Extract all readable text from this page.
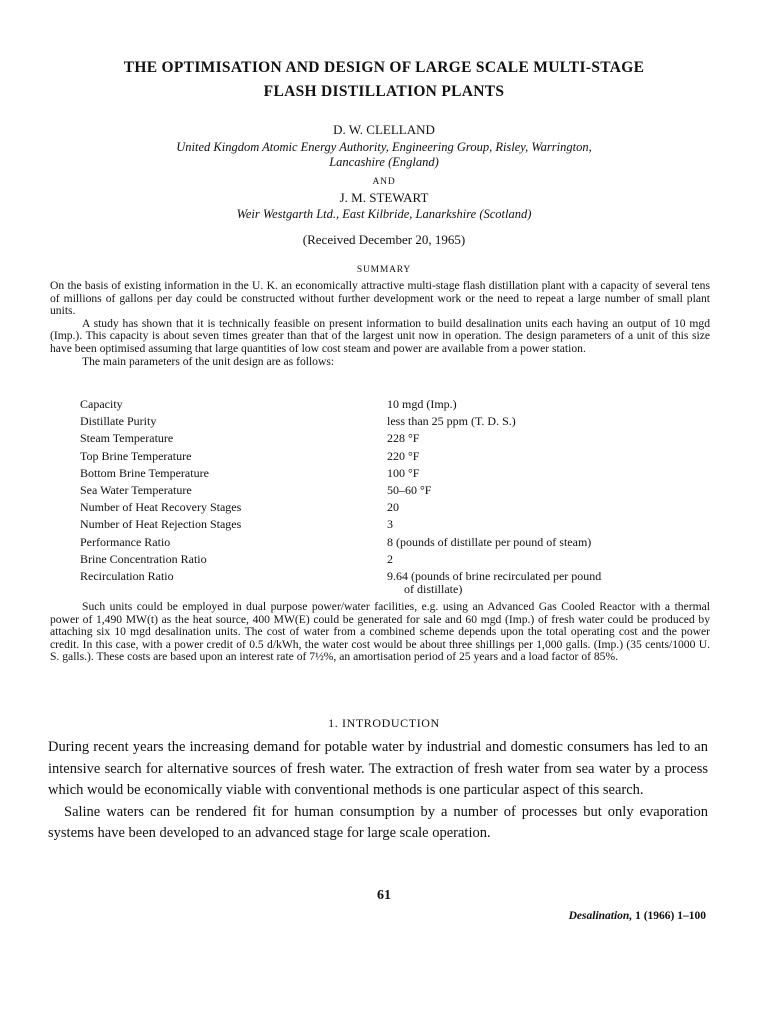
THE OPTIMISATION AND DESIGN OF LARGE SCALE MULTI-STAGE
FLASH DISTILLATION PLANTS
D. W. CLELLAND
United Kingdom Atomic Energy Authority, Engineering Group, Risley, Warrington,
Lancashire (England)
AND
J. M. STEWART
Weir Westgarth Ltd., East Kilbride, Lanarkshire (Scotland)
(Received December 20, 1965)
SUMMARY

On the basis of existing information in the U. K. an economically attractive multi-stage flash distillation plant with a capacity of several tens of millions of gallons per day could be constructed without further development work or the need to repeat a large number of small plant units.

A study has shown that it is technically feasible on present information to build desalination units each having an output of 10 mgd (Imp.). This capacity is about seven times greater than that of the largest unit now in operation. The design parameters of a unit of this size have been optimised assuming that large quantities of low cost steam and power are available from a power station.

The main parameters of the unit design are as follows:

Capacity	10 mgd (Imp.)
Distillate Purity	less than 25 ppm (T. D. S.)
Steam Temperature	228 °F
Top Brine Temperature	220 °F
Bottom Brine Temperature	100 °F
Sea Water Temperature	50–60 °F
Number of Heat Recovery Stages	20
Number of Heat Rejection Stages	3
Performance Ratio	8 (pounds of distillate per pound of steam)
Brine Concentration Ratio	2
Recirculation Ratio	9.64 (pounds of brine recirculated per pound
of distillate)

Such units could be employed in dual purpose power/water facilities, e.g. using an Advanced Gas Cooled Reactor with a thermal power of 1,490 MW(t) as the heat source, 400 MW(E) could be generated for sale and 60 mgd (Imp.) of fresh water could be produced by attaching six 10 mgd desalination units. The cost of water from a combined scheme depends upon the total operating cost and the power credit. In this case, with a power credit of 0.5 d/kWh, the water cost would be about three shillings per 1,000 galls. (Imp.) (35 cents/1000 U. S. galls.). These costs are based upon an interest rate of 7½%, an amortisation period of 25 years and a load factor of 85%.

1. INTRODUCTION

During recent years the increasing demand for potable water by industrial and domestic consumers has led to an intensive search for alternative sources of fresh water. The extraction of fresh water from sea water by a process which would be economically viable with conventional methods is one particular aspect of this search.

Saline waters can be rendered fit for human consumption by a number of processes but only evaporation systems have been developed to an advanced stage for large scale operation.

61
Desalination, 1 (1966) 1–100
